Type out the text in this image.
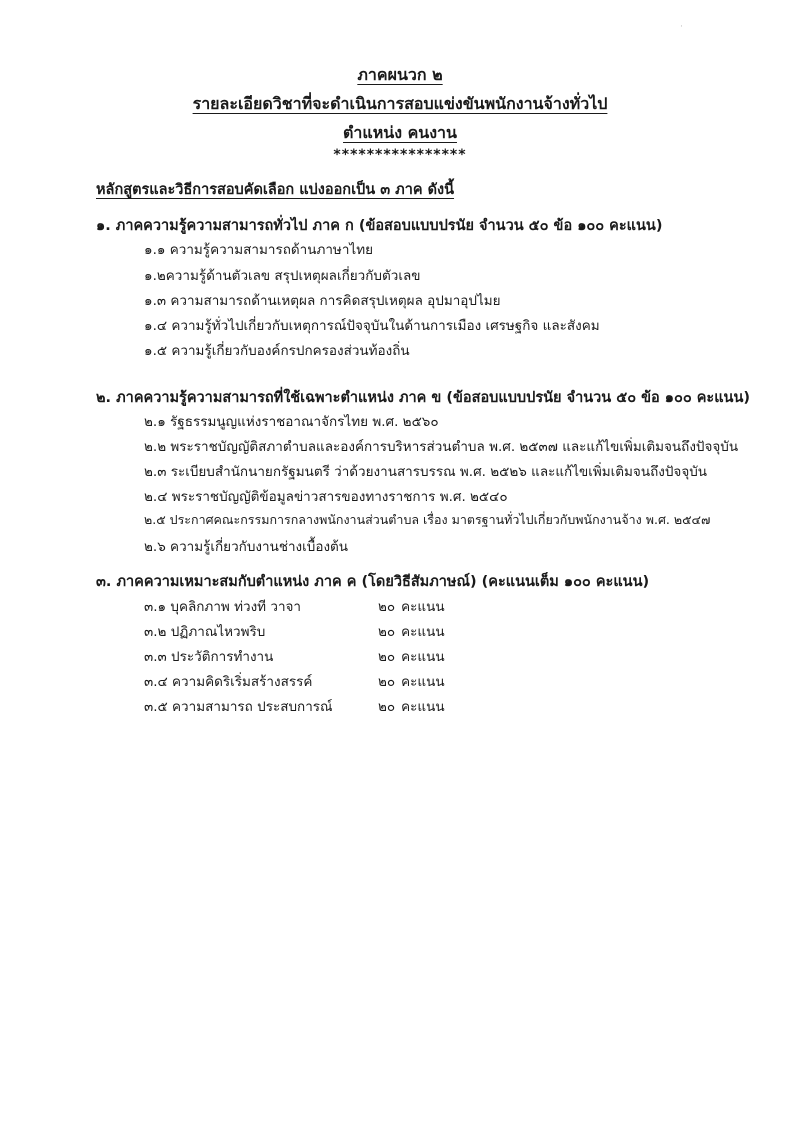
·
ภาคผนวก ๒
รายละเอียดวิชาที่จะดำเนินการสอบแข่งขันพนักงานจ้างทั่วไป
ตำแหน่ง คนงาน
****************
หลักสูตรและวิธีการสอบคัดเลือก แบ่งออกเป็น ๓ ภาค ดังนี้
๑. ภาคความรู้ความสามารถทั่วไป ภาค ก (ข้อสอบแบบปรนัย จำนวน ๕๐ ข้อ ๑๐๐ คะแนน)
๑.๑ ความรู้ความสามารถด้านภาษาไทย
๑.๒ความรู้ด้านตัวเลข สรุปเหตุผลเกี่ยวกับตัวเลข
๑.๓ ความสามารถด้านเหตุผล การคิดสรุปเหตุผล อุปมาอุปไมย
๑.๔ ความรู้ทั่วไปเกี่ยวกับเหตุการณ์ปัจจุบันในด้านการเมือง เศรษฐกิจ และสังคม
๑.๕ ความรู้เกี่ยวกับองค์กรปกครองส่วนท้องถิ่น
๒. ภาคความรู้ความสามารถที่ใช้เฉพาะตำแหน่ง ภาค ข (ข้อสอบแบบปรนัย จำนวน ๕๐ ข้อ ๑๐๐ คะแนน)
๒.๑ รัฐธรรมนูญแห่งราชอาณาจักรไทย พ.ศ. ๒๕๖๐
๒.๒ พระราชบัญญัติสภาตำบลและองค์การบริหารส่วนตำบล พ.ศ. ๒๕๓๗ และแก้ไขเพิ่มเติมจนถึงปัจจุบัน
๒.๓ ระเบียบสำนักนายกรัฐมนตรี ว่าด้วยงานสารบรรณ พ.ศ. ๒๕๒๖ และแก้ไขเพิ่มเติมจนถึงปัจจุบัน
๒.๔ พระราชบัญญัติข้อมูลข่าวสารของทางราชการ พ.ศ. ๒๕๔๐
๒.๕ ประกาศคณะกรรมการกลางพนักงานส่วนตำบล เรื่อง มาตรฐานทั่วไปเกี่ยวกับพนักงานจ้าง พ.ศ. ๒๕๔๗
๒.๖ ความรู้เกี่ยวกับงานช่างเบื้องต้น
๓. ภาคความเหมาะสมกับตำแหน่ง ภาค ค (โดยวิธีสัมภาษณ์) (คะแนนเต็ม ๑๐๐ คะแนน)
๓.๑ บุคลิกภาพ ท่วงที วาจา	๒๐ คะแนน
๓.๒ ปฏิภาณไหวพริบ	๒๐ คะแนน
๓.๓ ประวัติการทำงาน	๒๐ คะแนน
๓.๔ ความคิดริเริ่มสร้างสรรค์	๒๐ คะแนน
๓.๕ ความสามารถ ประสบการณ์	๒๐ คะแนน
